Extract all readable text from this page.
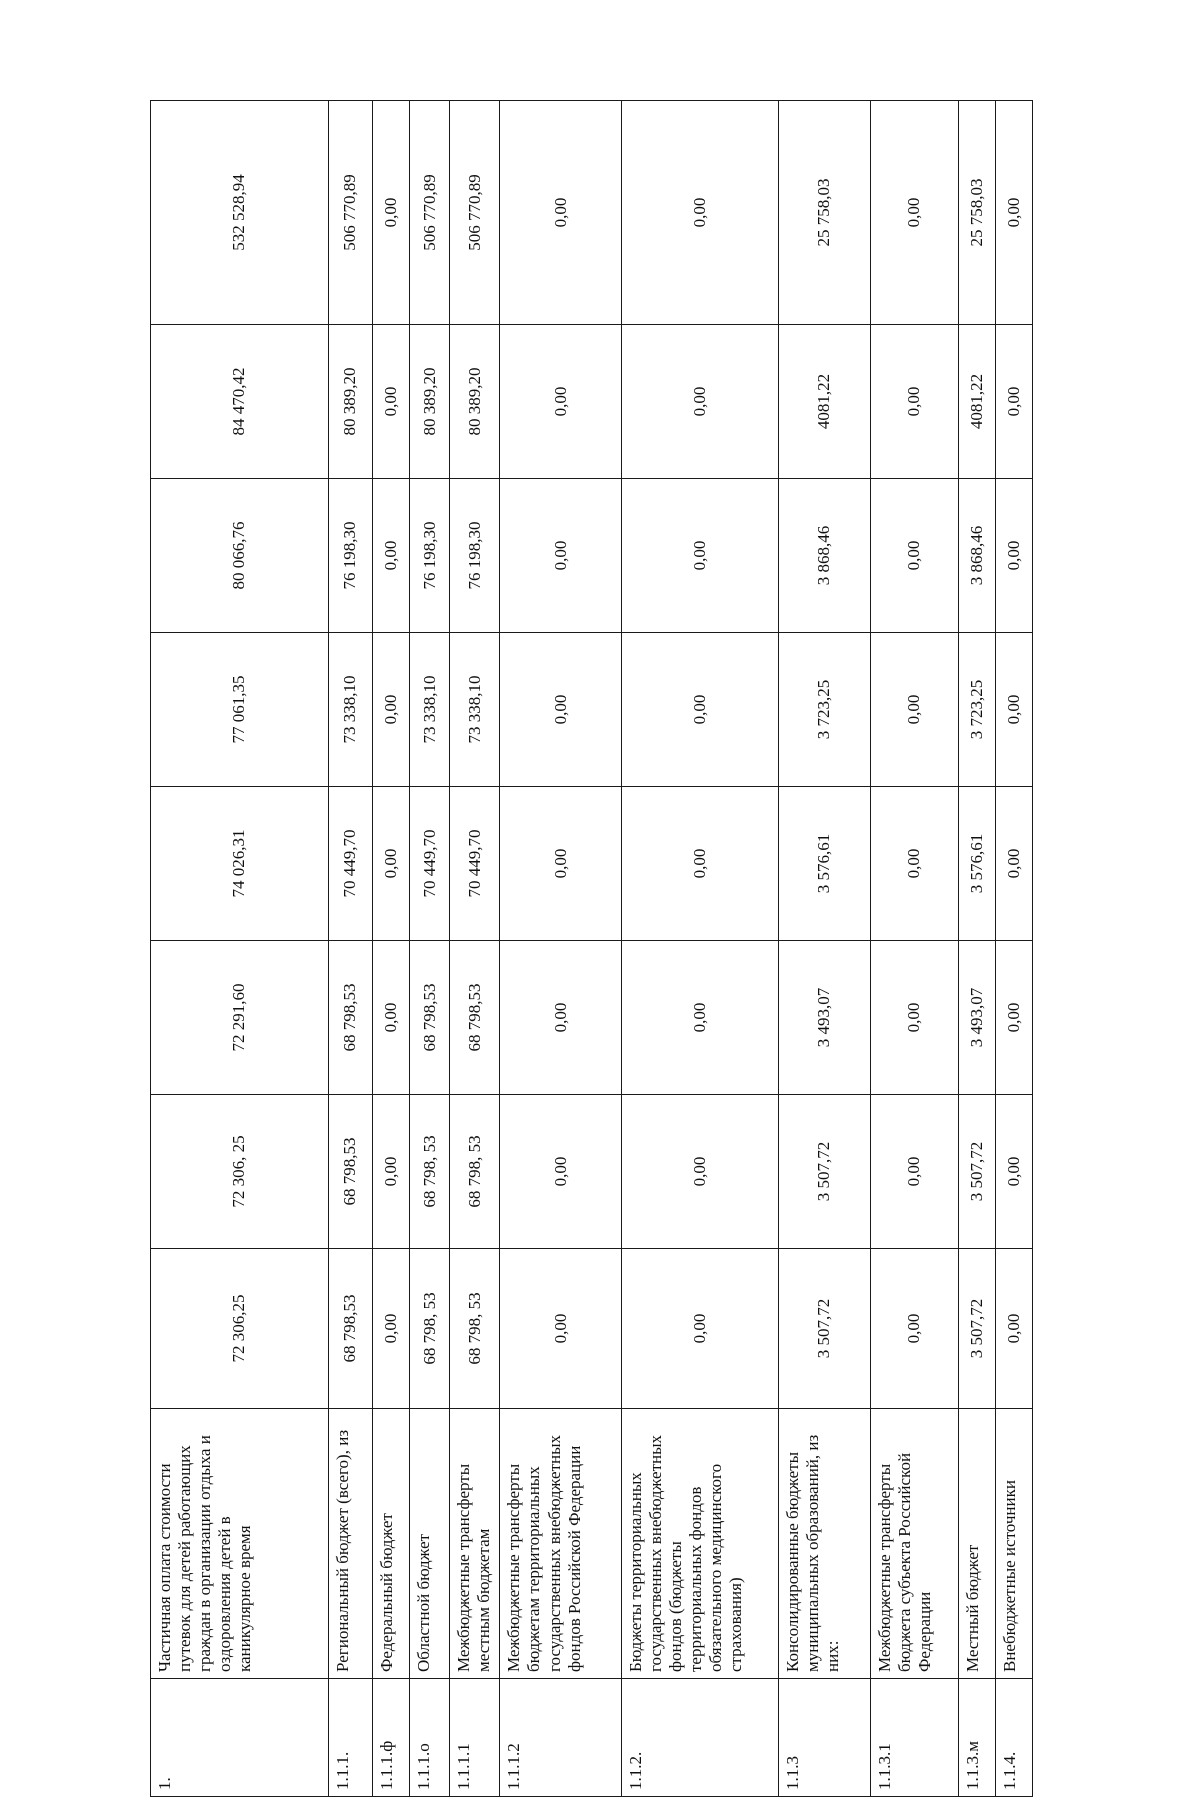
1.	Частичная оплата стоимости путевок для детей работающих граждан в организации отдыха и оздоровления детей в каникулярное время	72 306,25	72 306, 25	72 291,60	74 026,31	77 061,35	80 066,76	84 470,42	532 528,94
1.1.1.	Региональный бюджет (всего), из	68 798,53	68 798,53	68 798,53	70 449,70	73 338,10	76 198,30	80 389,20	506 770,89
1.1.1.ф	Федеральный бюджет	0,00	0,00	0,00	0,00	0,00	0,00	0,00	0,00
1.1.1.о	Областной бюджет	68 798, 53	68 798, 53	68 798,53	70 449,70	73 338,10	76 198,30	80 389,20	506 770,89
1.1.1.1	Межбюджетные трансферты местным бюджетам	68 798, 53	68 798, 53	68 798,53	70 449,70	73 338,10	76 198,30	80 389,20	506 770,89
1.1.1.2	Межбюджетные трансферты бюджетам территориальных государственных внебюджетных фондов Российской Федерации	0,00	0,00	0,00	0,00	0,00	0,00	0,00	0,00
1.1.2.	Бюджеты территориальных государственных внебюджетных фондов (бюджеты территориальных фондов обязательного медицинского страхования)	0,00	0,00	0,00	0,00	0,00	0,00	0,00	0,00
1.1.3	Консолидированные бюджеты муниципальных образований, из них:	3 507,72	3 507,72	3 493,07	3 576,61	3 723,25	3 868,46	4081,22	25 758,03
1.1.3.1	Межбюджетные трансферты бюджета субъекта Российской Федерации	0,00	0,00	0,00	0,00	0,00	0,00	0,00	0,00
1.1.3.м	Местный бюджет	3 507,72	3 507,72	3 493,07	3 576,61	3 723,25	3 868,46	4081,22	25 758,03
1.1.4.	Внебюджетные источники	0,00	0,00	0,00	0,00	0,00	0,00	0,00	0,00
